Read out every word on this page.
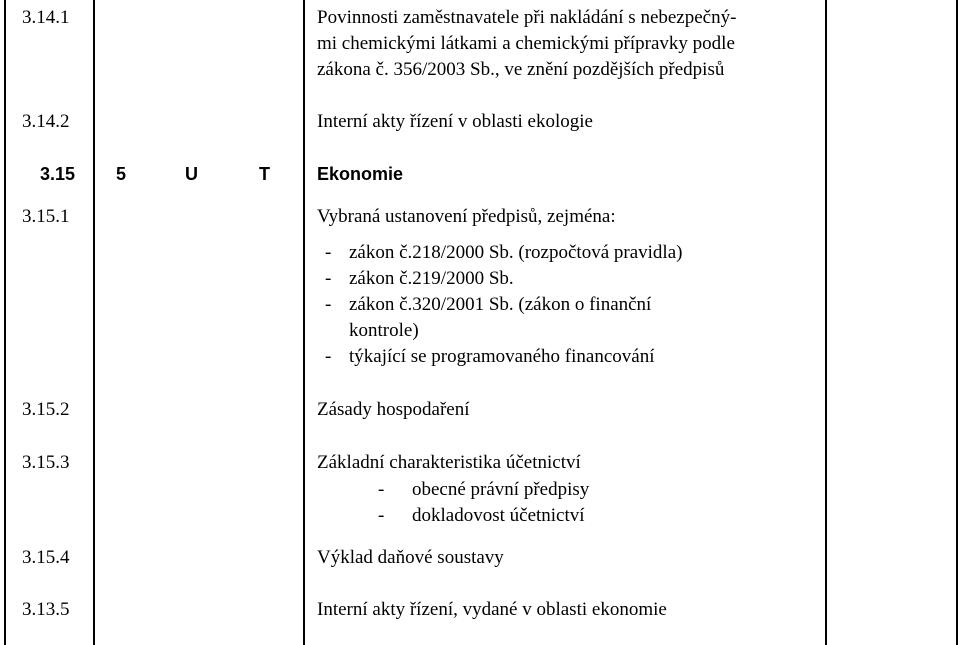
3.14.1	Povinnosti zaměstnavatele při nakládání s nebezpečný-
mi chemickými látkami a chemickými přípravky podle
zákona č. 356/2003 Sb., ve znění pozdějších předpisů
3.14.2	Interní akty řízení v oblasti ekologie
3.15	5	U	T	Ekonomie
3.15.1	Vybraná ustanovení předpisů, zejména:
- zákon č.218/2000 Sb. (rozpočtová pravidla)
- zákon č.219/2000 Sb.
- zákon č.320/2001 Sb. (zákon o finanční
kontrole)
- týkající se programovaného financování
3.15.2	Zásady hospodaření
3.15.3	Základní charakteristika účetnictví
- obecné právní předpisy
- dokladovost účetnictví
3.15.4	Výklad daňové soustavy
3.13.5	Interní akty řízení, vydané v oblasti ekonomie
